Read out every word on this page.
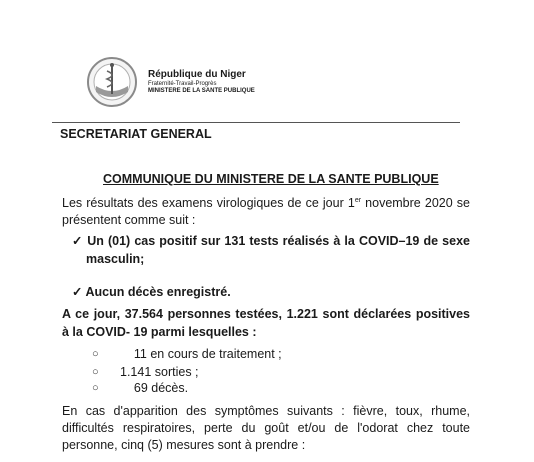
République du Niger
Fraternité-Travail-Progrès
MINISTERE DE LA SANTE PUBLIQUE
SECRETARIAT GENERAL
COMMUNIQUE DU MINISTERE DE LA SANTE PUBLIQUE
Les résultats des examens virologiques de ce jour 1er novembre 2020 se présentent comme suit :
✓ Un (01) cas positif sur 131 tests réalisés à la COVID–19 de sexe masculin;
✓ Aucun décès enregistré.
A ce jour, 37.564 personnes testées, 1.221 sont déclarées positives à la COVID- 19 parmi lesquelles :
○ 11 en cours de traitement ;
○ 1.141 sorties ;
○ 69 décès.
En cas d'apparition des symptômes suivants : fièvre, toux, rhume, difficultés respiratoires, perte du goût et/ou de l'odorat chez toute personne, cinq (5) mesures sont à prendre :
